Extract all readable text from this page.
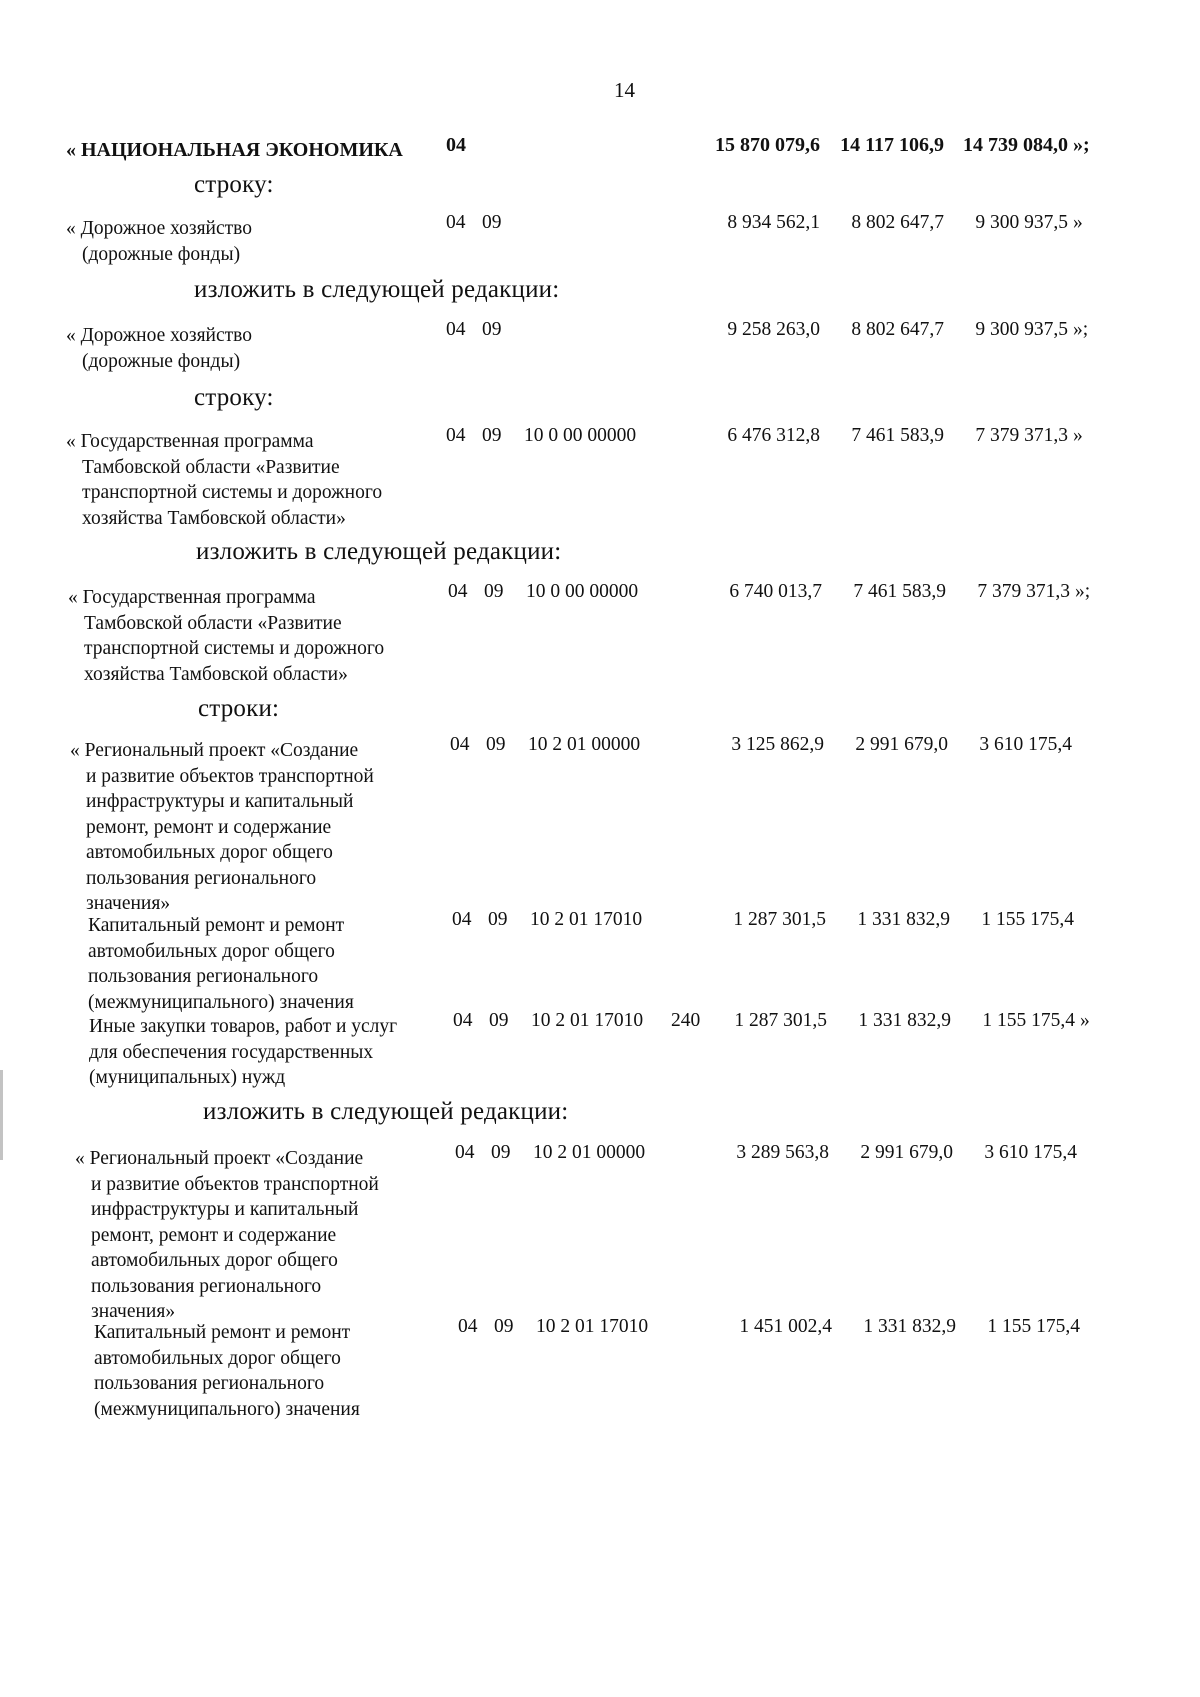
14
строку:
изложить в следующей редакции:
строку:
изложить в следующей редакции:
строки:
изложить в следующей редакции:
« НАЦИОНАЛЬНАЯ ЭКОНОМИКА	04	15 870 079,6	14 117 106,9 14 739 084,0 »;
« Дорожное хозяйство
(дорожные фонды)
04 09	8 934 562,1	8 802 647,7	9 300 937,5 »
« Дорожное хозяйство
(дорожные фонды)
04 09	9 258 263,0	8 802 647,7	9 300 937,5 »;
« Государственная программа
Тамбовской области «Развитие
транспортной системы и дорожного
хозяйства Тамбовской области»
04 09 10 0 00 00000	6 476 312,8	7 461 583,9	7 379 371,3 »
« Государственная программа
Тамбовской области «Развитие
транспортной системы и дорожного
хозяйства Тамбовской области»
04 09 10 0 00 00000	6 740 013,7	7 461 583,9	7 379 371,3 »;
« Региональный проект «Создание
и развитие объектов транспортной
инфраструктуры и капитальный
ремонт, ремонт и содержание
автомобильных дорог общего
пользования регионального
значения»
04 09 10 2 01 00000	3 125 862,9	2 991 679,0	3 610 175,4
Капитальный ремонт и ремонт
автомобильных дорог общего
пользования регионального
(межмуниципального) значения
04 09 10 2 01 17010	1 287 301,5	1 331 832,9	1 155 175,4
Иные закупки товаров, работ и услуг
для обеспечения государственных
(муниципальных) нужд
04 09 10 2 01 17010 240	1 287 301,5	1 331 832,9	1 155 175,4 »
« Региональный проект «Создание
и развитие объектов транспортной
инфраструктуры и капитальный
ремонт, ремонт и содержание
автомобильных дорог общего
пользования регионального
значения»
04 09 10 2 01 00000	3 289 563,8	2 991 679,0	3 610 175,4
Капитальный ремонт и ремонт
автомобильных дорог общего
пользования регионального
(межмуниципального) значения
04 09 10 2 01 17010	1 451 002,4	1 331 832,9	1 155 175,4
